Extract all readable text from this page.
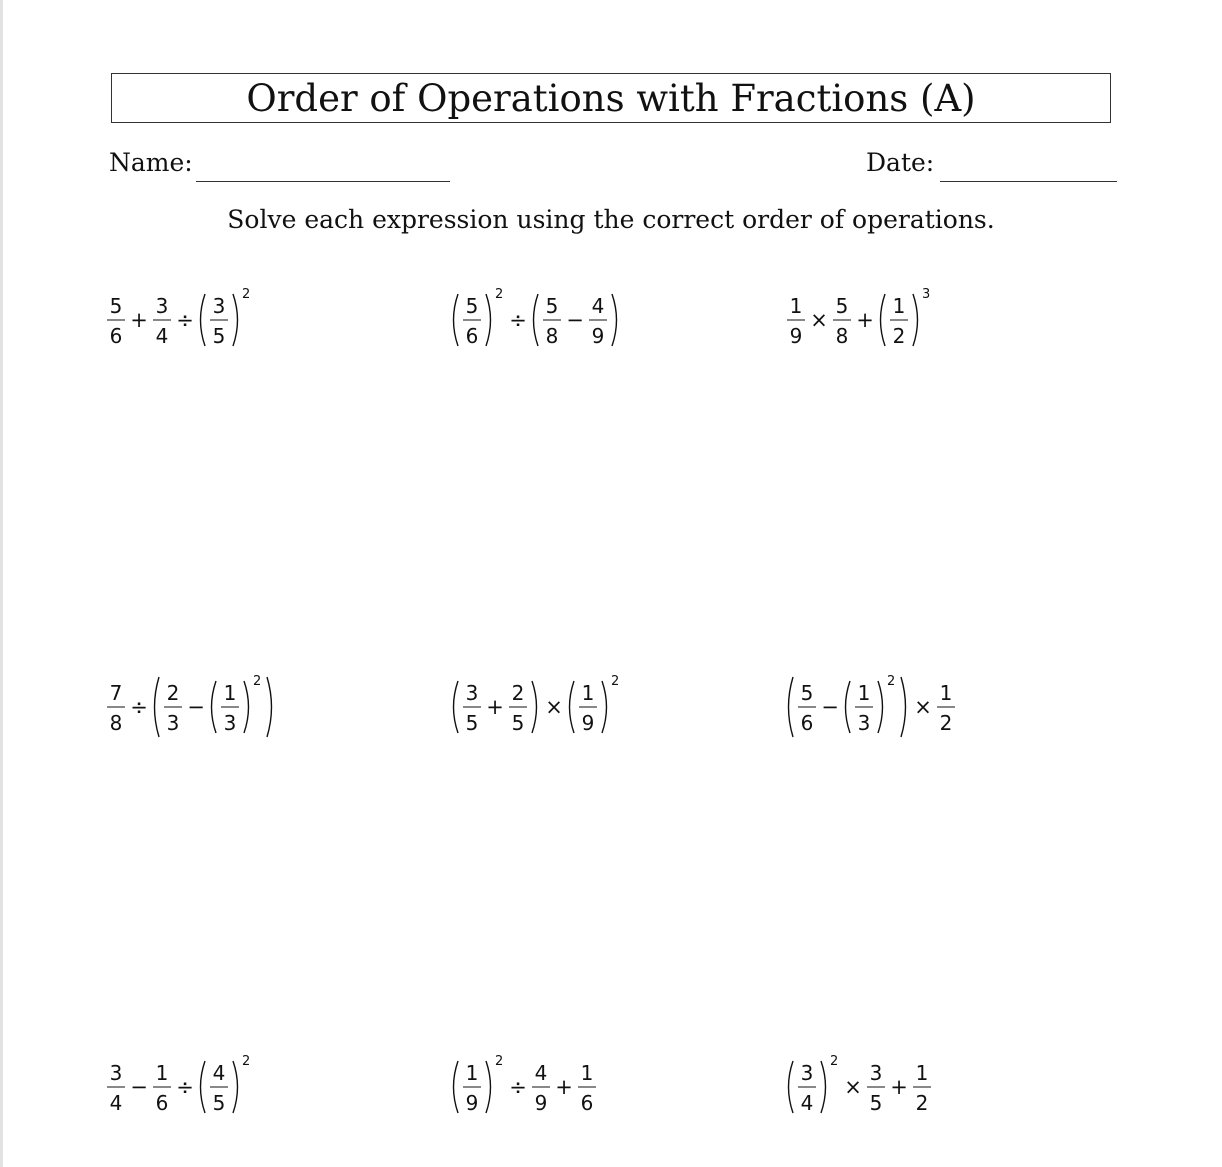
Order of Operations with Fractions (A)
Name:	Date:
Solve each expression using the correct order of operations.
5
6
+
3
4
÷
3
5
2	5
6
2
÷
5
8
−
4
9
1
9
×
5
8
+
1
2
3
7
8
÷
2
3
−
1
3
2	3
5
+
2
5
×
1
9
2	5
6
−
1
3
2
×
1
2
3
4
−
1
6
÷
4
5
2	1
9
2
÷
4
9
+
1
6
3
4
2
×
3
5
+
1
2
